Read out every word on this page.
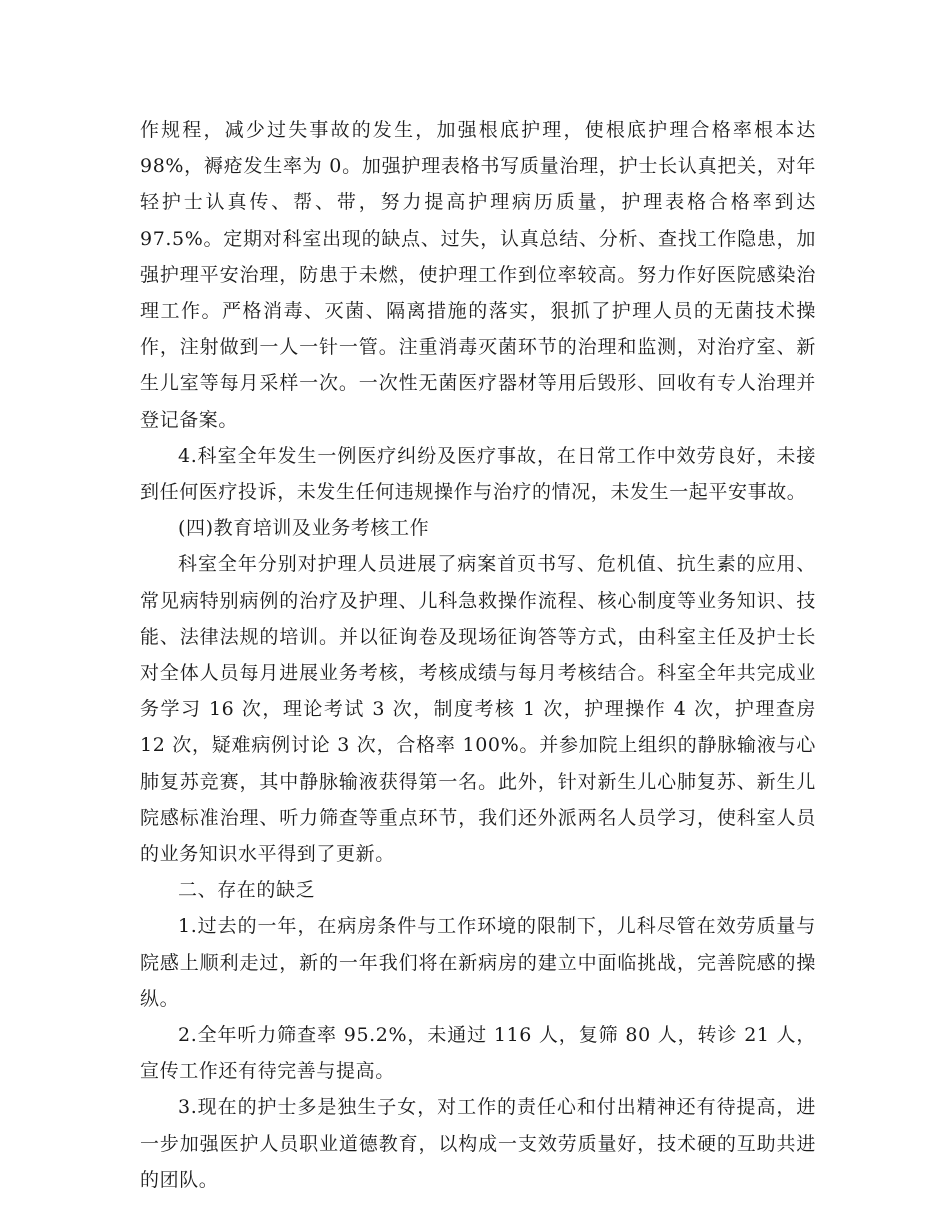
作规程，减少过失事故的发生，加强根底护理，使根底护理合格率根本达 98%，褥疮发生率为 0。加强护理表格书写质量治理，护士长认真把关，对年轻护士认真传、帮、带，努力提高护理病历质量，护理表格合格率到达 97.5%。定期对科室出现的缺点、过失，认真总结、分析、查找工作隐患，加强护理平安治理，防患于未燃，使护理工作到位率较高。努力作好医院感染治理工作。严格消毒、灭菌、隔离措施的落实，狠抓了护理人员的无菌技术操作，注射做到一人一针一管。注重消毒灭菌环节的治理和监测，对治疗室、新生儿室等每月采样一次。一次性无菌医疗器材等用后毁形、回收有专人治理并登记备案。

4.科室全年发生一例医疗纠纷及医疗事故，在日常工作中效劳良好，未接到任何医疗投诉，未发生任何违规操作与治疗的情况，未发生一起平安事故。

(四)教育培训及业务考核工作

科室全年分别对护理人员进展了病案首页书写、危机值、抗生素的应用、常见病特别病例的治疗及护理、儿科急救操作流程、核心制度等业务知识、技能、法律法规的培训。并以征询卷及现场征询答等方式，由科室主任及护士长对全体人员每月进展业务考核，考核成绩与每月考核结合。科室全年共完成业务学习 16 次，理论考试 3 次，制度考核 1 次，护理操作 4 次，护理查房 12 次，疑难病例讨论 3 次，合格率 100%。并参加院上组织的静脉输液与心肺复苏竞赛，其中静脉输液获得第一名。此外，针对新生儿心肺复苏、新生儿院感标准治理、听力筛查等重点环节，我们还外派两名人员学习，使科室人员的业务知识水平得到了更新。

二、存在的缺乏

1.过去的一年，在病房条件与工作环境的限制下，儿科尽管在效劳质量与院感上顺利走过，新的一年我们将在新病房的建立中面临挑战，完善院感的操纵。

2.全年听力筛查率 95.2%，未通过 116 人，复筛 80 人，转诊 21 人，宣传工作还有待完善与提高。

3.现在的护士多是独生子女，对工作的责任心和付出精神还有待提高，进一步加强医护人员职业道德教育，以构成一支效劳质量好，技术硬的互助共进的团队。
